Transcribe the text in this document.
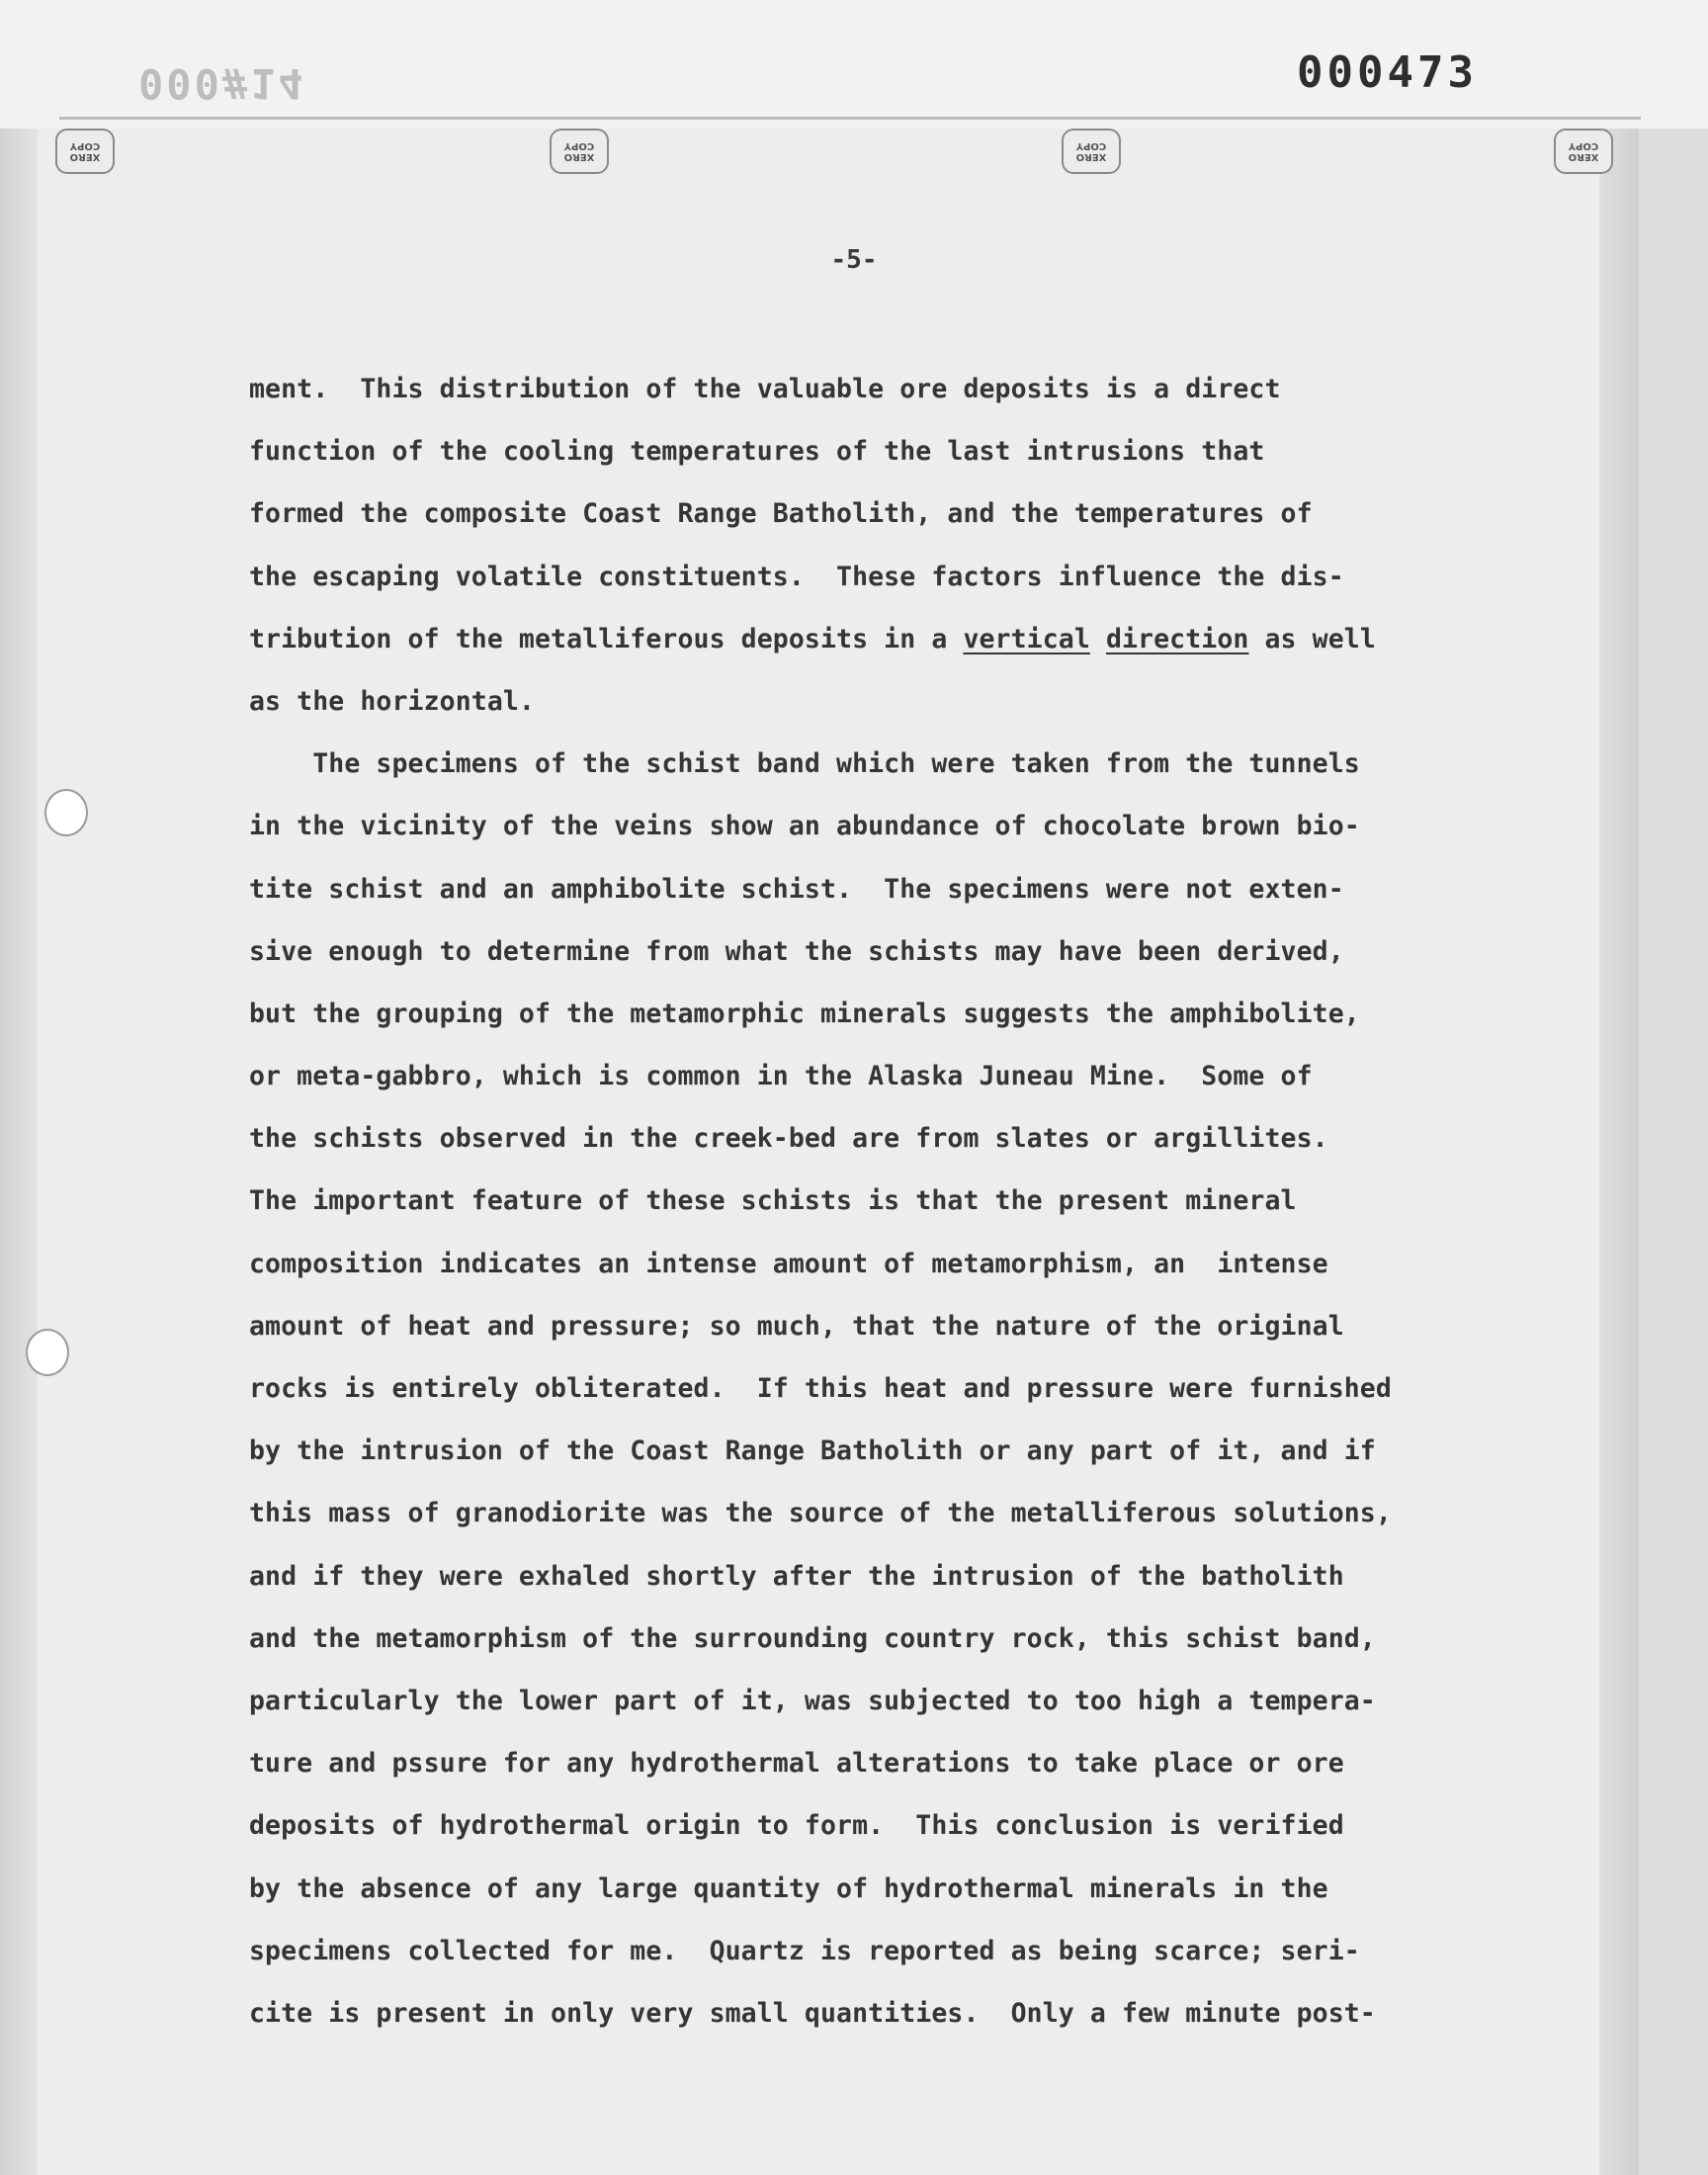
000#14	000473
XERO
COPY
XERO
COPY
XERO
COPY
XERO
COPY
-5-
ment.  This distribution of the valuable ore deposits is a direct
function of the cooling temperatures of the last intrusions that
formed the composite Coast Range Batholith, and the temperatures of
the escaping volatile constituents.  These factors influence the dis-
tribution of the metalliferous deposits in a vertical direction as well
as the horizontal.
The specimens of the schist band which were taken from the tunnels
in the vicinity of the veins show an abundance of chocolate brown bio-
tite schist and an amphibolite schist.  The specimens were not exten-
sive enough to determine from what the schists may have been derived,
but the grouping of the metamorphic minerals suggests the amphibolite,
or meta-gabbro, which is common in the Alaska Juneau Mine.  Some of
the schists observed in the creek-bed are from slates or argillites.
The important feature of these schists is that the present mineral
composition indicates an intense amount of metamorphism, an  intense
amount of heat and pressure; so much, that the nature of the original
rocks is entirely obliterated.  If this heat and pressure were furnished
by the intrusion of the Coast Range Batholith or any part of it, and if
this mass of granodiorite was the source of the metalliferous solutions,
and if they were exhaled shortly after the intrusion of the batholith
and the metamorphism of the surrounding country rock, this schist band,
particularly the lower part of it, was subjected to too high a tempera-
ture and pssure for any hydrothermal alterations to take place or ore
deposits of hydrothermal origin to form.  This conclusion is verified
by the absence of any large quantity of hydrothermal minerals in the
specimens collected for me.  Quartz is reported as being scarce; seri-
cite is present in only very small quantities.  Only a few minute post-
